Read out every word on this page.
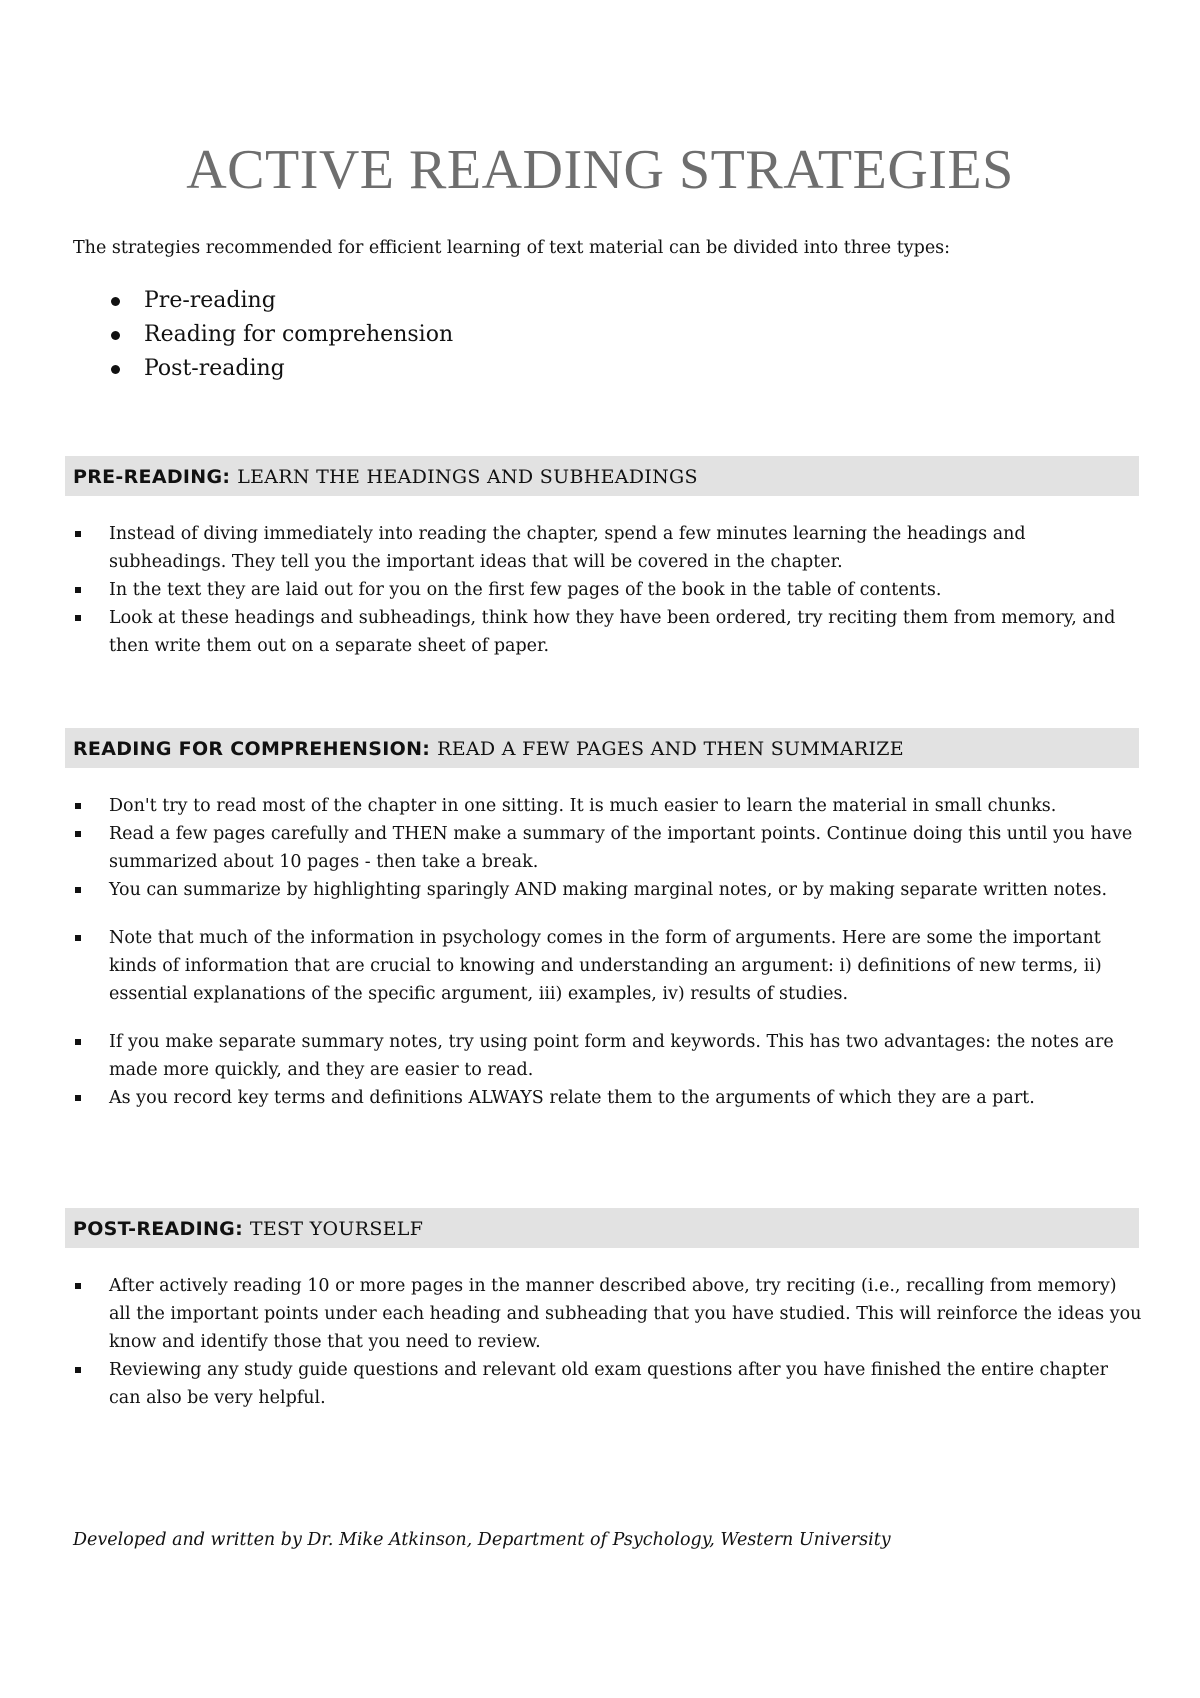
ACTIVE READING STRATEGIES

The strategies recommended for efficient learning of text material can be divided into three types:

Pre-reading
Reading for comprehension
Post-reading
PRE-READING: LEARN THE HEADINGS AND SUBHEADINGS
Instead of diving immediately into reading the chapter, spend a few minutes learning the headings and subheadings. They tell you the important ideas that will be covered in the chapter.
In the text they are laid out for you on the first few pages of the book in the table of contents.
Look at these headings and subheadings, think how they have been ordered, try reciting them from memory, and then write them out on a separate sheet of paper.
READING FOR COMPREHENSION: READ A FEW PAGES AND THEN SUMMARIZE
Don't try to read most of the chapter in one sitting. It is much easier to learn the material in small chunks.
Read a few pages carefully and THEN make a summary of the important points. Continue doing this until you have summarized about 10 pages - then take a break.
You can summarize by highlighting sparingly AND making marginal notes, or by making separate written notes.
Note that much of the information in psychology comes in the form of arguments. Here are some the important kinds of information that are crucial to knowing and understanding an argument: i) definitions of new terms, ii) essential explanations of the specific argument, iii) examples, iv) results of studies.
If you make separate summary notes, try using point form and keywords. This has two advantages: the notes are made more quickly, and they are easier to read.
As you record key terms and definitions ALWAYS relate them to the arguments of which they are a part.
POST-READING: TEST YOURSELF
After actively reading 10 or more pages in the manner described above, try reciting (i.e., recalling from memory) all the important points under each heading and subheading that you have studied. This will reinforce the ideas you know and identify those that you need to review.
Reviewing any study guide questions and relevant old exam questions after you have finished the entire chapter can also be very helpful.

Developed and written by Dr. Mike Atkinson, Department of Psychology, Western University
